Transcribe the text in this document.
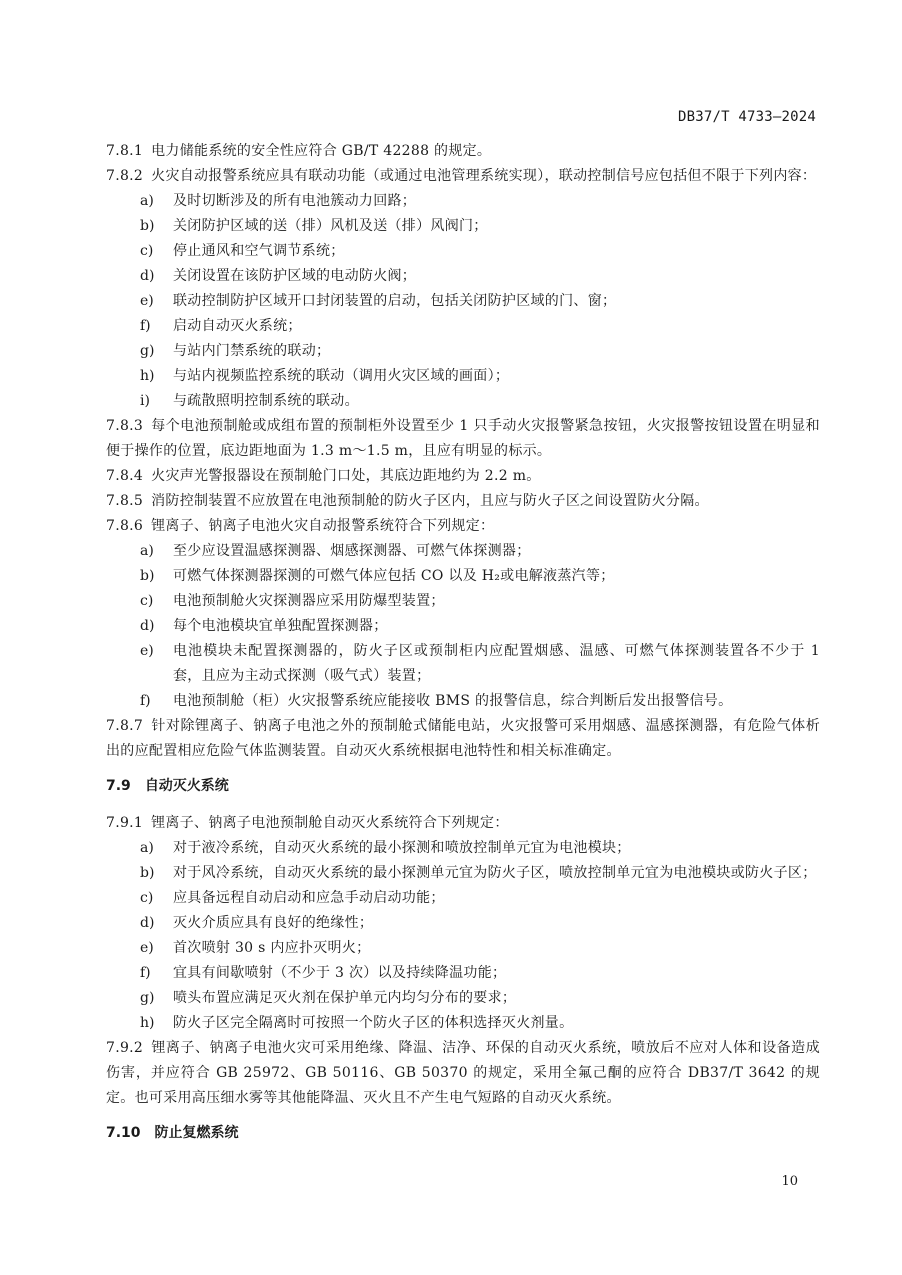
DB37/T 4733—2024

7.8.1 电力储能系统的安全性应符合 GB/T 42288 的规定。

7.8.2 火灾自动报警系统应具有联动功能（或通过电池管理系统实现），联动控制信号应包括但不限于下列内容：

a)	及时切断涉及的所有电池簇动力回路；
b)	关闭防护区域的送（排）风机及送（排）风阀门；
c)	停止通风和空气调节系统；
d)	关闭设置在该防护区域的电动防火阀；
e)	联动控制防护区域开口封闭装置的启动，包括关闭防护区域的门、窗；
f)	启动自动灭火系统；
g)	与站内门禁系统的联动；
h)	与站内视频监控系统的联动（调用火灾区域的画面）；
i)	与疏散照明控制系统的联动。

7.8.3 每个电池预制舱或成组布置的预制柜外设置至少 1 只手动火灾报警紧急按钮，火灾报警按钮设置在明显和便于操作的位置，底边距地面为 1.3 m～1.5 m，且应有明显的标示。

7.8.4 火灾声光警报器设在预制舱门口处，其底边距地约为 2.2 m。

7.8.5 消防控制装置不应放置在电池预制舱的防火子区内，且应与防火子区之间设置防火分隔。

7.8.6 锂离子、钠离子电池火灾自动报警系统符合下列规定：

a)	至少应设置温感探测器、烟感探测器、可燃气体探测器；
b)	可燃气体探测器探测的可燃气体应包括 CO 以及 H₂或电解液蒸汽等；
c)	电池预制舱火灾探测器应采用防爆型装置；
d)	每个电池模块宜单独配置探测器；
e)	电池模块未配置探测器的，防火子区或预制柜内应配置烟感、温感、可燃气体探测装置各不少于 1 套，且应为主动式探测（吸气式）装置；
f)	电池预制舱（柜）火灾报警系统应能接收 BMS 的报警信息，综合判断后发出报警信号。

7.8.7 针对除锂离子、钠离子电池之外的预制舱式储能电站，火灾报警可采用烟感、温感探测器，有危险气体析出的应配置相应危险气体监测装置。自动灭火系统根据电池特性和相关标准确定。

7.9 自动灭火系统

7.9.1 锂离子、钠离子电池预制舱自动灭火系统符合下列规定：

a)	对于液冷系统，自动灭火系统的最小探测和喷放控制单元宜为电池模块；
b)	对于风冷系统，自动灭火系统的最小探测单元宜为防火子区，喷放控制单元宜为电池模块或防火子区；
c)	应具备远程自动启动和应急手动启动功能；
d)	灭火介质应具有良好的绝缘性；
e)	首次喷射 30 s 内应扑灭明火；
f)	宜具有间歇喷射（不少于 3 次）以及持续降温功能；
g)	喷头布置应满足灭火剂在保护单元内均匀分布的要求；
h)	防火子区完全隔离时可按照一个防火子区的体积选择灭火剂量。

7.9.2 锂离子、钠离子电池火灾可采用绝缘、降温、洁净、环保的自动灭火系统，喷放后不应对人体和设备造成伤害，并应符合 GB 25972、GB 50116、GB 50370 的规定，采用全氟己酮的应符合 DB37/T 3642 的规定。也可采用高压细水雾等其他能降温、灭火且不产生电气短路的自动灭火系统。

7.10 防止复燃系统
10
